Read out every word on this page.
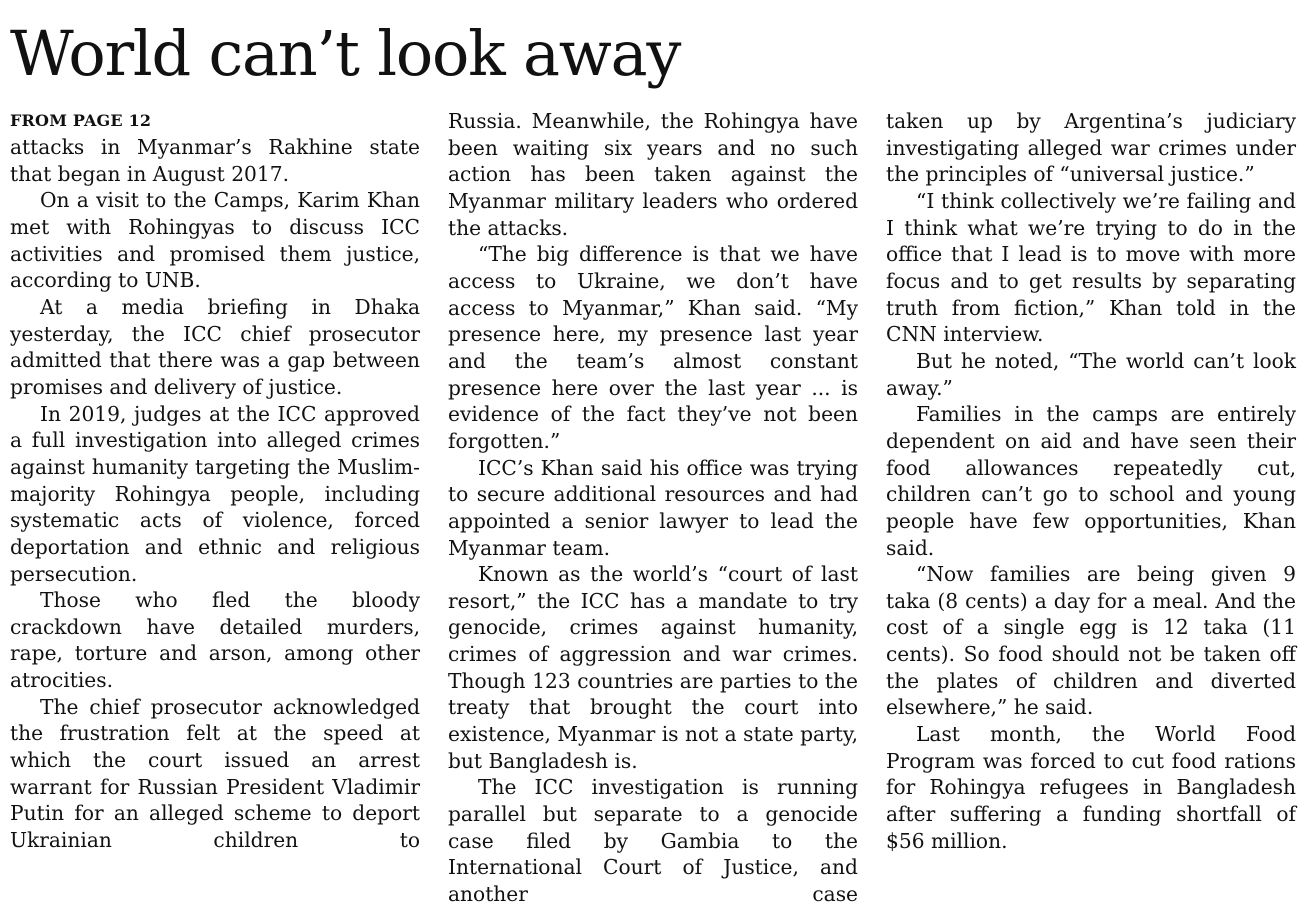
World can’t look away
FROM PAGE 12

attacks in Myanmar’s Rakhine state that began in August 2017.

On a visit to the Camps, Karim Khan met with Rohingyas to discuss ICC activities and promised them justice, according to UNB.

At a media briefing in Dhaka yesterday, the ICC chief prosecutor admitted that there was a gap between promises and delivery of justice.

In 2019, judges at the ICC approved a full investigation into alleged crimes against humanity targeting the Muslim-majority Rohingya people, including systematic acts of violence, forced deportation and ethnic and religious persecution.

Those who fled the bloody crackdown have detailed murders, rape, torture and arson, among other atrocities.

The chief prosecutor acknowledged the frustration felt at the speed at which the court issued an arrest warrant for Russian President Vladimir Putin for an alleged scheme to deport Ukrainian children to

Russia. Meanwhile, the Rohingya have been waiting six years and no such action has been taken against the Myanmar military leaders who ordered the attacks.

“The big difference is that we have access to Ukraine, we don’t have access to Myanmar,” Khan said. “My presence here, my presence last year and the team’s almost constant presence here over the last year ... is evidence of the fact they’ve not been forgotten.”

ICC’s Khan said his office was trying to secure additional resources and had appointed a senior lawyer to lead the Myanmar team.

Known as the world’s “court of last resort,” the ICC has a mandate to try genocide, crimes against humanity, crimes of aggression and war crimes. Though 123 countries are parties to the treaty that brought the court into existence, Myanmar is not a state party, but Bangladesh is.

The ICC investigation is running parallel but separate to a genocide case filed by Gambia to the International Court of Justice, and another case

taken up by Argentina’s judiciary investigating alleged war crimes under the principles of “universal justice.”

“I think collectively we’re failing and I think what we’re trying to do in the office that I lead is to move with more focus and to get results by separating truth from fiction,” Khan told in the CNN interview.

But he noted, “The world can’t look away.”

Families in the camps are entirely dependent on aid and have seen their food allowances repeatedly cut, children can’t go to school and young people have few opportunities, Khan said.

“Now families are being given 9 taka (8 cents) a day for a meal. And the cost of a single egg is 12 taka (11 cents). So food should not be taken off the plates of children and diverted elsewhere,” he said.

Last month, the World Food Program was forced to cut food rations for Rohingya refugees in Bangladesh after suffering a funding shortfall of $56 million.
